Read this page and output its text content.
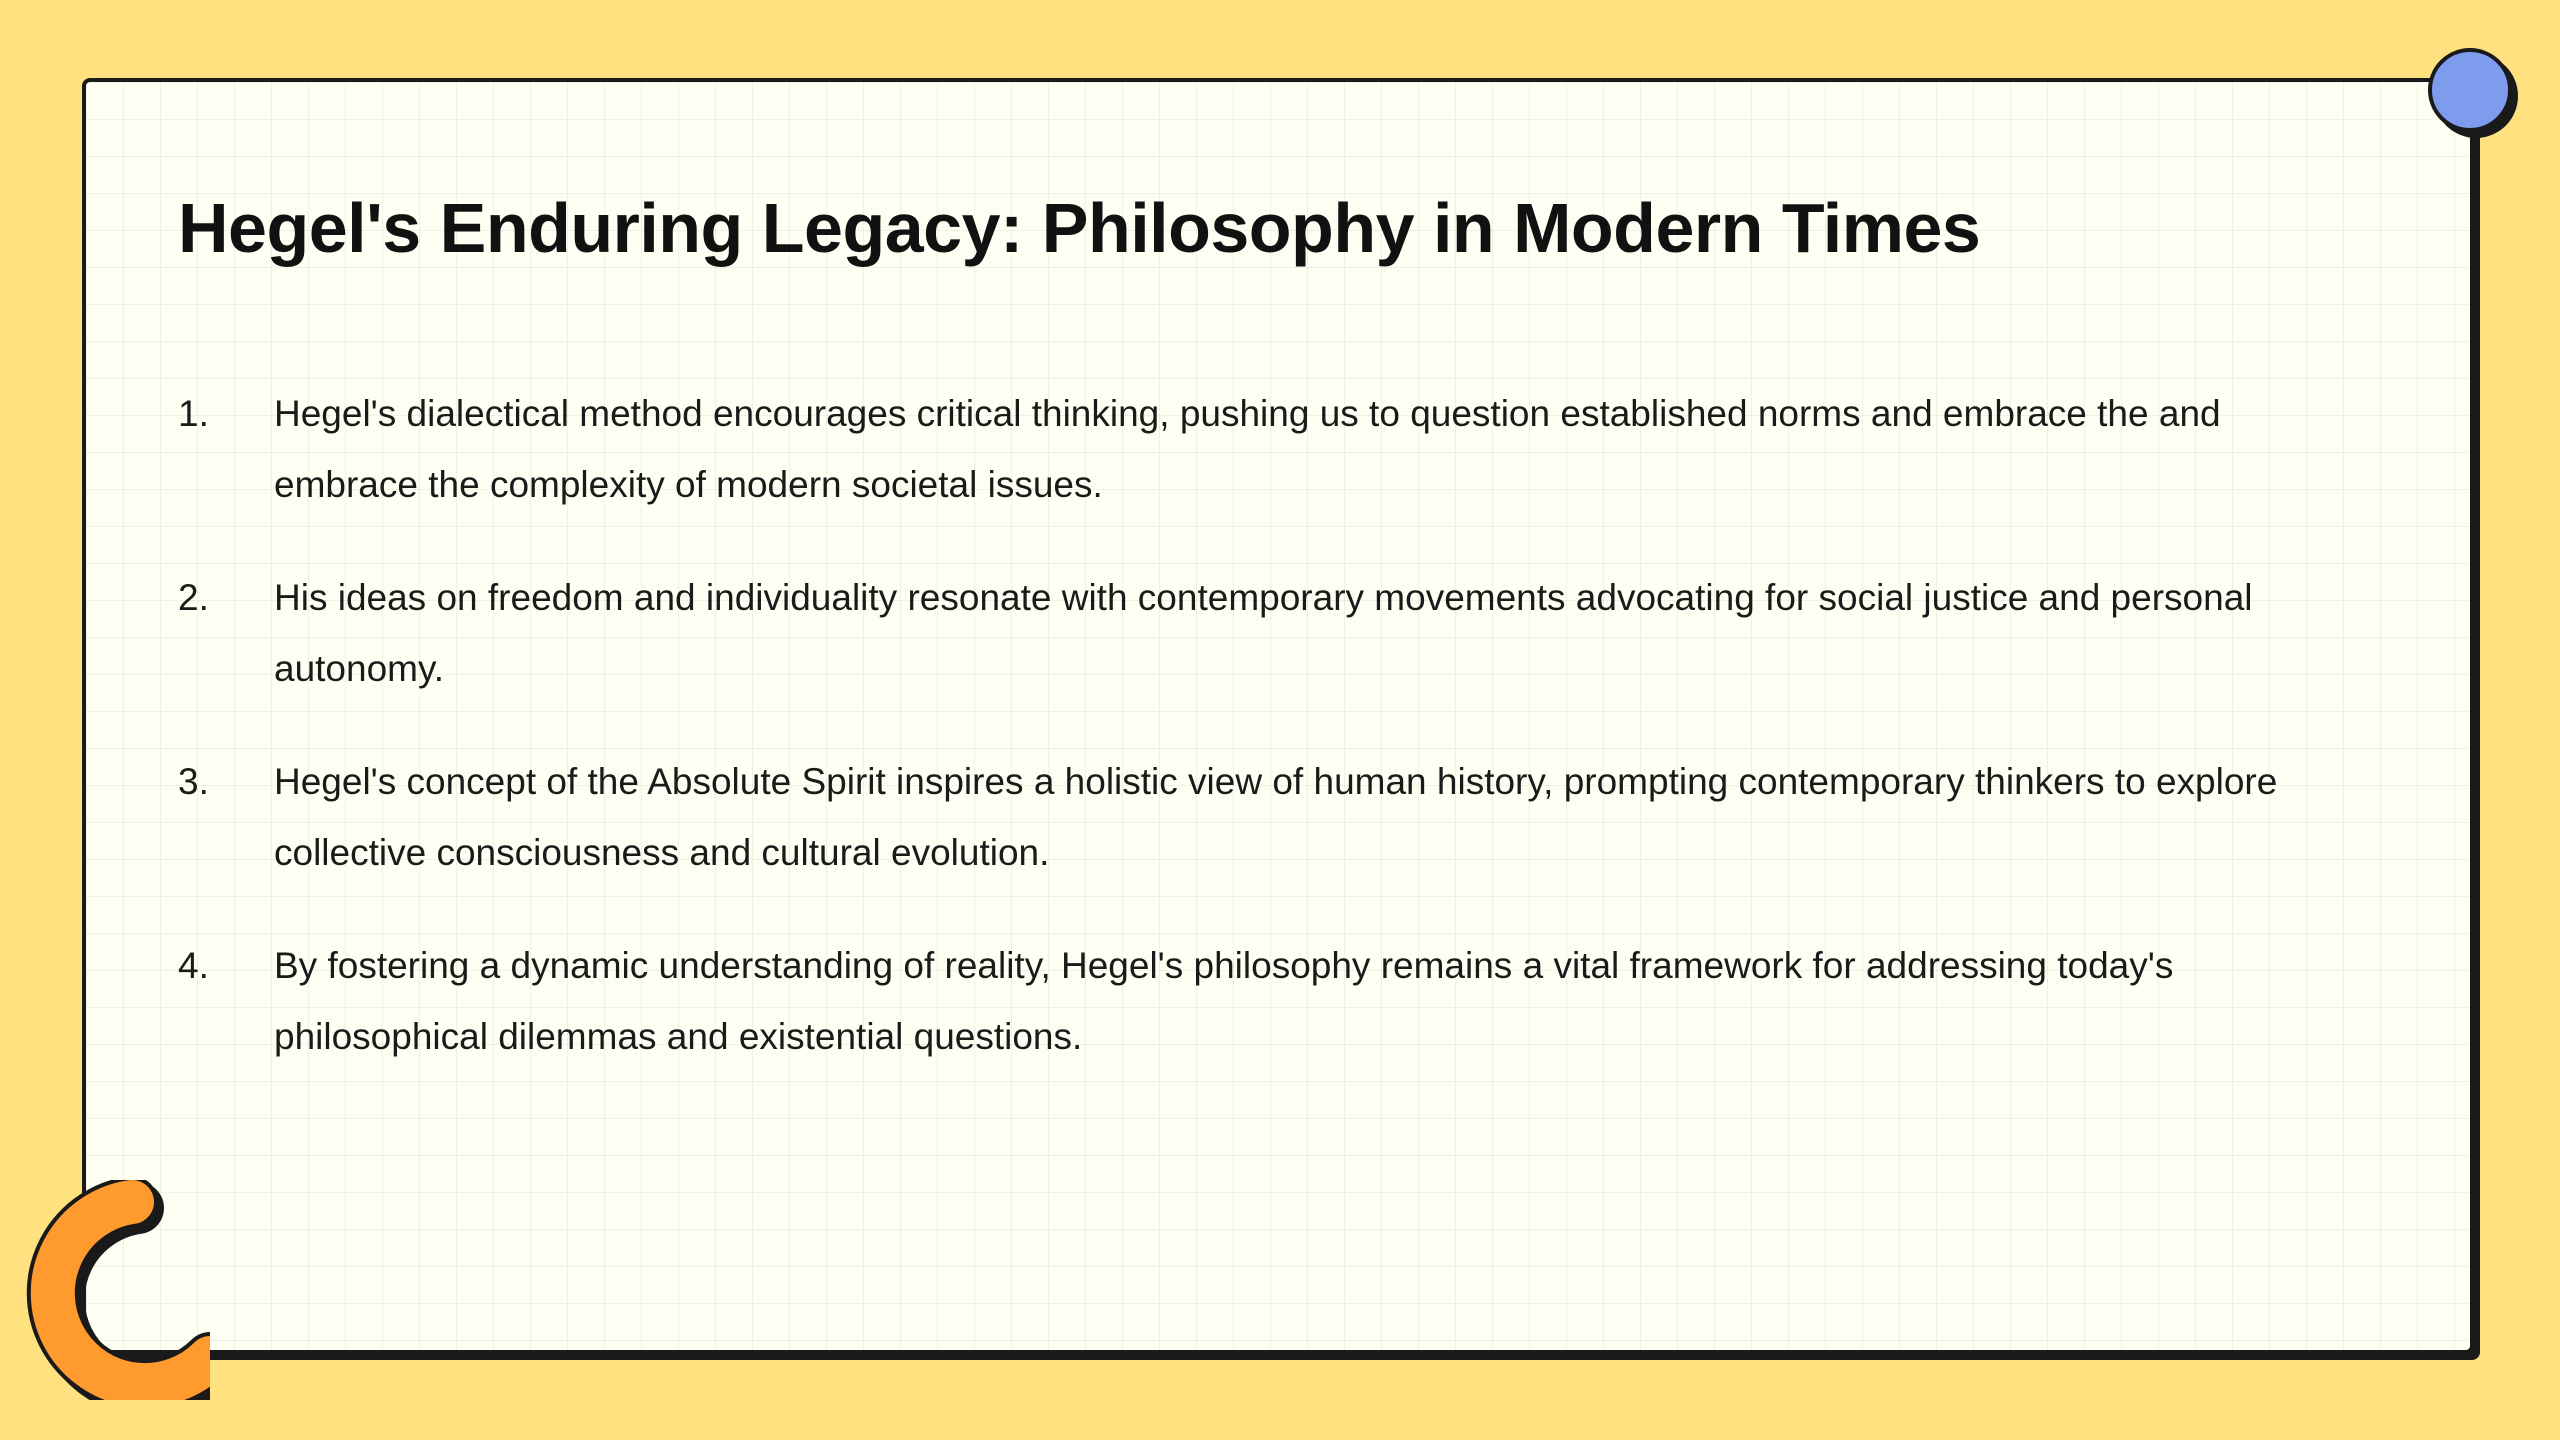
Hegel's Enduring Legacy: Philosophy in Modern Times
1.	Hegel's dialectical method encourages critical thinking, pushing us to question established norms and embrace the and embrace the complexity of modern societal issues.
2.	His ideas on freedom and individuality resonate with contemporary movements advocating for social justice and personal autonomy.
3.	Hegel's concept of the Absolute Spirit inspires a holistic view of human history, prompting contemporary thinkers to explore collective consciousness and cultural evolution.
4.	By fostering a dynamic understanding of reality, Hegel's philosophy remains a vital framework for addressing today's philosophical dilemmas and existential questions.
